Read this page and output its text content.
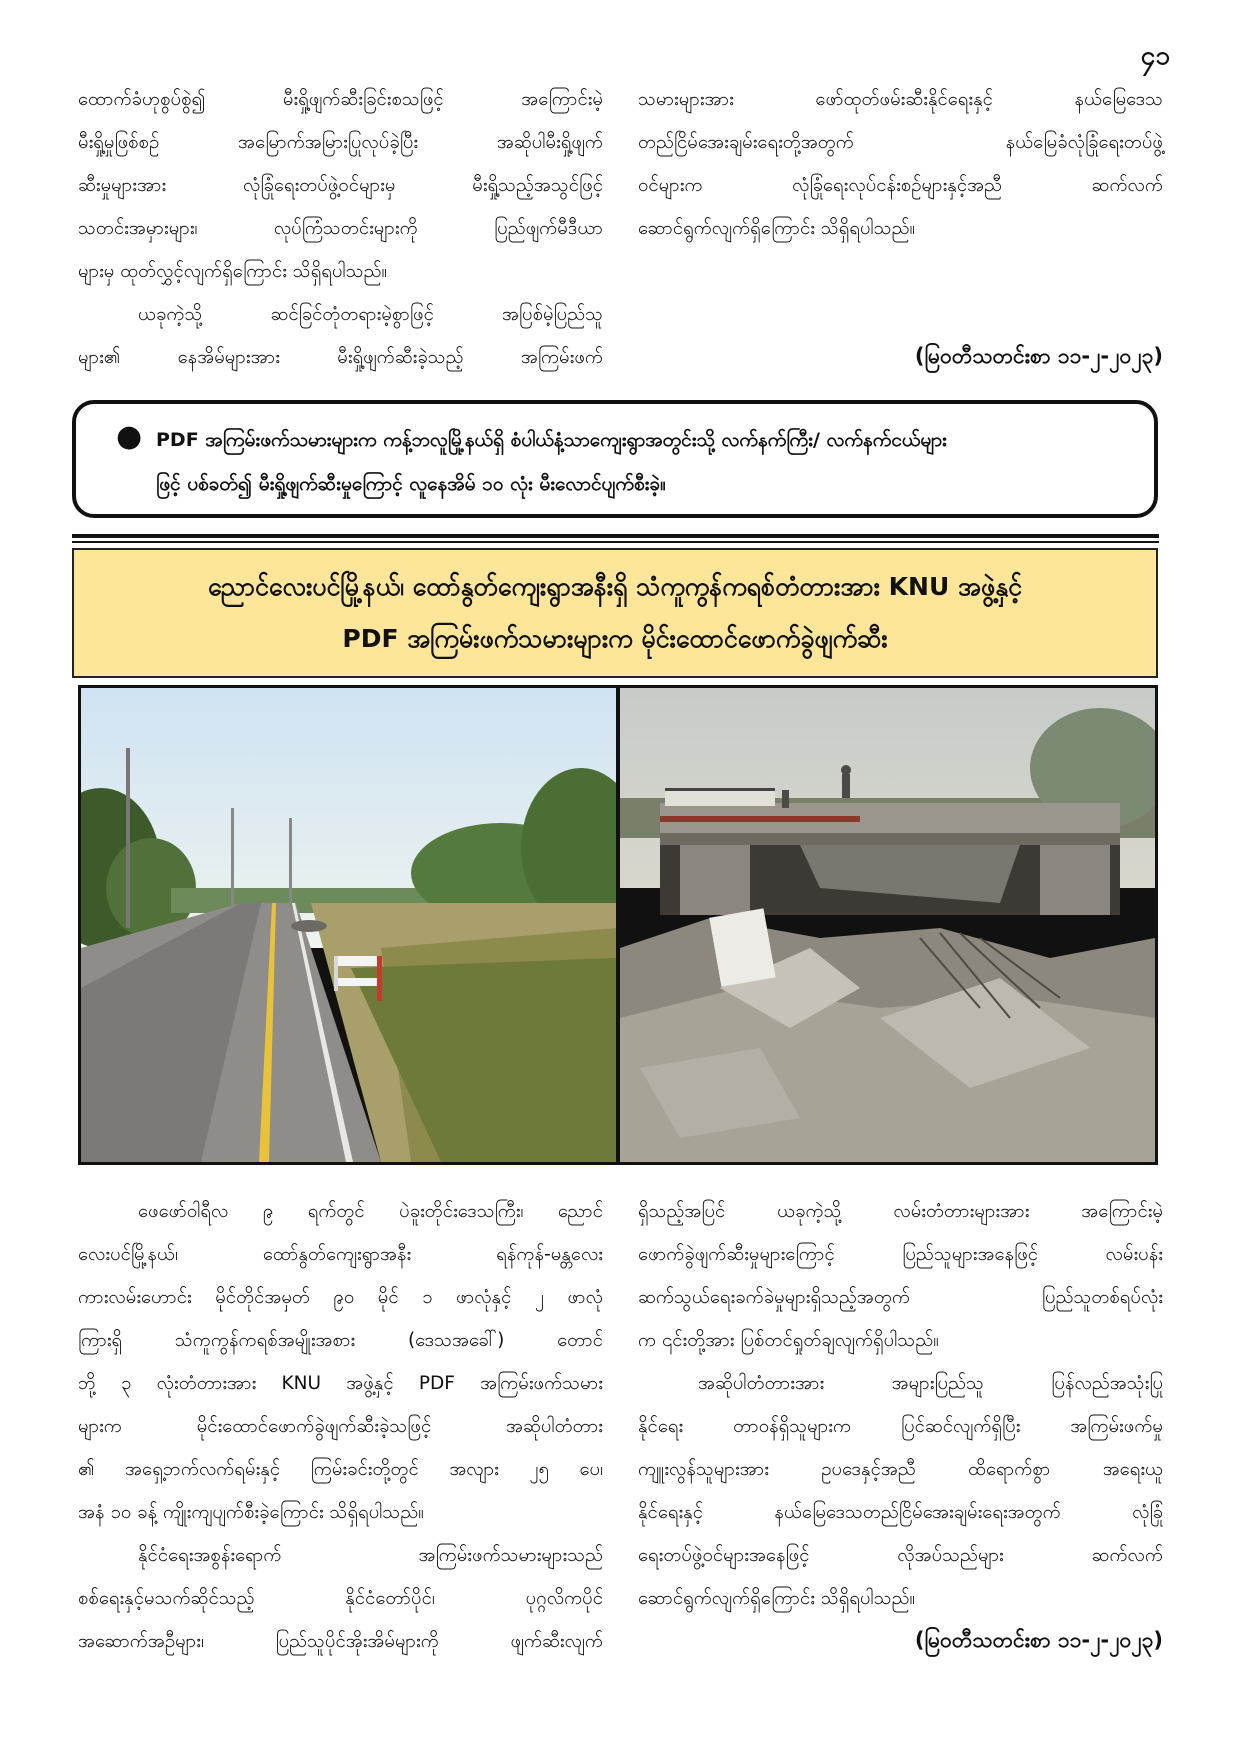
၄၁

ထောက်ခံဟုစွပ်စွဲ၍ မီးရှို့ဖျက်ဆီးခြင်းစသဖြင့် အကြောင်းမဲ့

မီးရှို့မှုဖြစ်စဉ် အမြောက်အမြားပြုလုပ်ခဲ့ပြီး အဆိုပါမီးရှို့ဖျက်

ဆီးမှုများအား လုံခြုံရေးတပ်ဖွဲ့ဝင်များမှ မီးရှို့သည့်အသွင်ဖြင့်

သတင်းအမှားများ၊ လုပ်ကြံသတင်းများကို ပြည်ဖျက်မီဒီယာ

များမှ ထုတ်လွှင့်လျက်ရှိကြောင်း သိရှိရပါသည်။

ယခုကဲ့သို့ ဆင်ခြင်တုံတရားမဲ့စွာဖြင့် အပြစ်မဲ့ပြည်သူ

များ၏ နေအိမ်များအား မီးရှို့ဖျက်ဆီးခဲ့သည့် အကြမ်းဖက်

သမားများအား ဖော်ထုတ်ဖမ်းဆီးနိုင်ရေးနှင့် နယ်မြေဒေသ

တည်ငြိမ်အေးချမ်းရေးတို့အတွက် နယ်မြေခံလုံခြုံရေးတပ်ဖွဲ့

ဝင်များက လုံခြုံရေးလုပ်ငန်းစဉ်များနှင့်အညီ ဆက်လက်

ဆောင်ရွက်လျက်ရှိကြောင်း သိရှိရပါသည်။

(မြဝတီသတင်းစာ ၁၁-၂-၂၀၂၃)
● PDF အကြမ်းဖက်သမားများက ကန့်ဘလူမြို့နယ်ရှိ စံပါယ်နံ့သာကျေးရွာအတွင်းသို့ လက်နက်ကြီး/ လက်နက်ငယ်များ
ဖြင့် ပစ်ခတ်၍ မီးရှို့ဖျက်ဆီးမှုကြောင့် လူနေအိမ် ၁၀ လုံး မီးလောင်ပျက်စီးခဲ့။
ညောင်လေးပင်မြို့နယ်၊ ထော်နွတ်ကျေးရွာအနီးရှိ သံကူကွန်ကရစ်တံတားအား KNU အဖွဲ့နှင့်
PDF အကြမ်းဖက်သမားများက မိုင်းထောင်ဖောက်ခွဲဖျက်ဆီး

ဖေဖော်ဝါရီလ ၉ ရက်တွင် ပဲခူးတိုင်းဒေသကြီး၊ ညောင်

လေးပင်မြို့နယ်၊ ထော်နွတ်ကျေးရွာအနီး ရန်ကုန်-မန္တလေး

ကားလမ်းဟောင်း မိုင်တိုင်အမှတ် ၉၀ မိုင် ၁ ဖာလုံနှင့် ၂ ဖာလုံ

ကြားရှိ သံကူကွန်ကရစ်အမျိုးအစား (ဒေသအခေါ်) တောင်

ဘို့ ၃ လုံးတံတားအား KNU အဖွဲ့နှင့် PDF အကြမ်းဖက်သမား

များက မိုင်းထောင်ဖောက်ခွဲဖျက်ဆီးခဲ့သဖြင့် အဆိုပါတံတား

၏ အရှေ့ဘက်လက်ရမ်းနှင့် ကြမ်းခင်းတို့တွင် အလျား ၂၅ ပေ၊

အနံ ၁၀ ခန့် ကျိုးကျပျက်စီးခဲ့ကြောင်း သိရှိရပါသည်။

နိုင်ငံရေးအစွန်းရောက် အကြမ်းဖက်သမားများသည်

စစ်ရေးနှင့်မသက်ဆိုင်သည့် နိုင်ငံတော်ပိုင်၊ ပုဂ္ဂလိကပိုင်

အဆောက်အဦများ၊ ပြည်သူပိုင်အိုးအိမ်များကို ဖျက်ဆီးလျက်

ရှိသည့်အပြင် ယခုကဲ့သို့ လမ်းတံတားများအား အကြောင်းမဲ့

ဖောက်ခွဲဖျက်ဆီးမှုများကြောင့် ပြည်သူများအနေဖြင့် လမ်းပန်း

ဆက်သွယ်ရေးခက်ခဲမှုများရှိသည့်အတွက် ပြည်သူတစ်ရပ်လုံး

က ၎င်းတို့အား ပြစ်တင်ရှုတ်ချလျက်ရှိပါသည်။

အဆိုပါတံတားအား အများပြည်သူ ပြန်လည်အသုံးပြု

နိုင်ရေး တာဝန်ရှိသူများက ပြင်ဆင်လျက်ရှိပြီး အကြမ်းဖက်မှု

ကျူးလွန်သူများအား ဥပဒေနှင့်အညီ ထိရောက်စွာ အရေးယူ

နိုင်ရေးနှင့် နယ်မြေဒေသတည်ငြိမ်အေးချမ်းရေးအတွက် လုံခြုံ

ရေးတပ်ဖွဲ့ဝင်များအနေဖြင့် လိုအပ်သည်များ ဆက်လက်

ဆောင်ရွက်လျက်ရှိကြောင်း သိရှိရပါသည်။

(မြဝတီသတင်းစာ ၁၁-၂-၂၀၂၃)
